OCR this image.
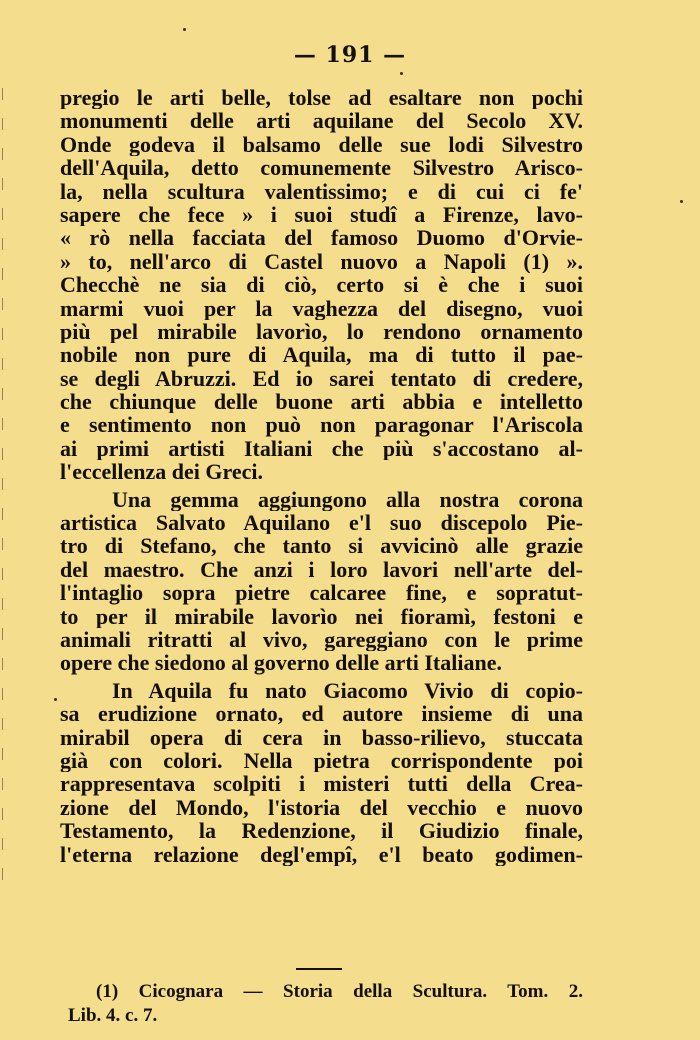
— 191 —
pregio le arti belle, tolse ad esaltare non pochi
monumenti delle arti aquilane del Secolo XV.
Onde godeva il balsamo delle sue lodi Silvestro
dell'Aquila, detto comunemente Silvestro Ariscо-
la, nella scultura valentissimo; e di cui ci fe'
sapere che fece » i suoi studî a Firenze, lavo-
« rò nella facciata del famoso Duomo d'Orvie-
» to, nell'arco di Castel nuovo a Napoli (1) ».
Checchè ne sia di ciò, certo si è che i suoi
marmi vuoi per la vaghezza del disegno, vuoi
più pel mirabile lavorìo, lo rendono ornamento
nobile non pure di Aquila, ma di tutto il pae-
se degli Abruzzi. Ed io sarei tentato di credere,
che chiunque delle buone arti abbia e intelletto
e sentimento non può non paragonar l'Ariscola
ai primi artisti Italiani che più s'accostano al-
l'eccellenza dei Greci.
Una gemma aggiungono alla nostra corona
artistica Salvato Aquilano e'l suo discepolo Pie-
tro di Stefano, che tanto si avvicinò alle grazie
del maestro. Che anzi i loro lavori nell'arte del-
l'intaglio sopra pietre calcaree fine, e sopratut-
to per il mirabile lavorìo nei fioramì, festoni e
animali ritratti al vivo, gareggiano con le prime
opere che siedono al governo delle arti Italiane.
In Aquila fu nato Giacomo Vivio di copio-
sa erudizione ornato, ed autore insieme di una
mirabil opera di cera in basso-rilievo, stuccata
già con colori. Nella pietra corrispondente poi
rappresentava scolpiti i misteri tutti della Crea-
zione del Mondo, l'istoria del vecchio e nuovo
Testamento, la Redenzione, il Giudizio finale,
l'eterna relazione degl'empî, e'l beato godimen-
(1) Cicognara — Storia della Scultura. Tom. 2.
Lib. 4. c. 7.
